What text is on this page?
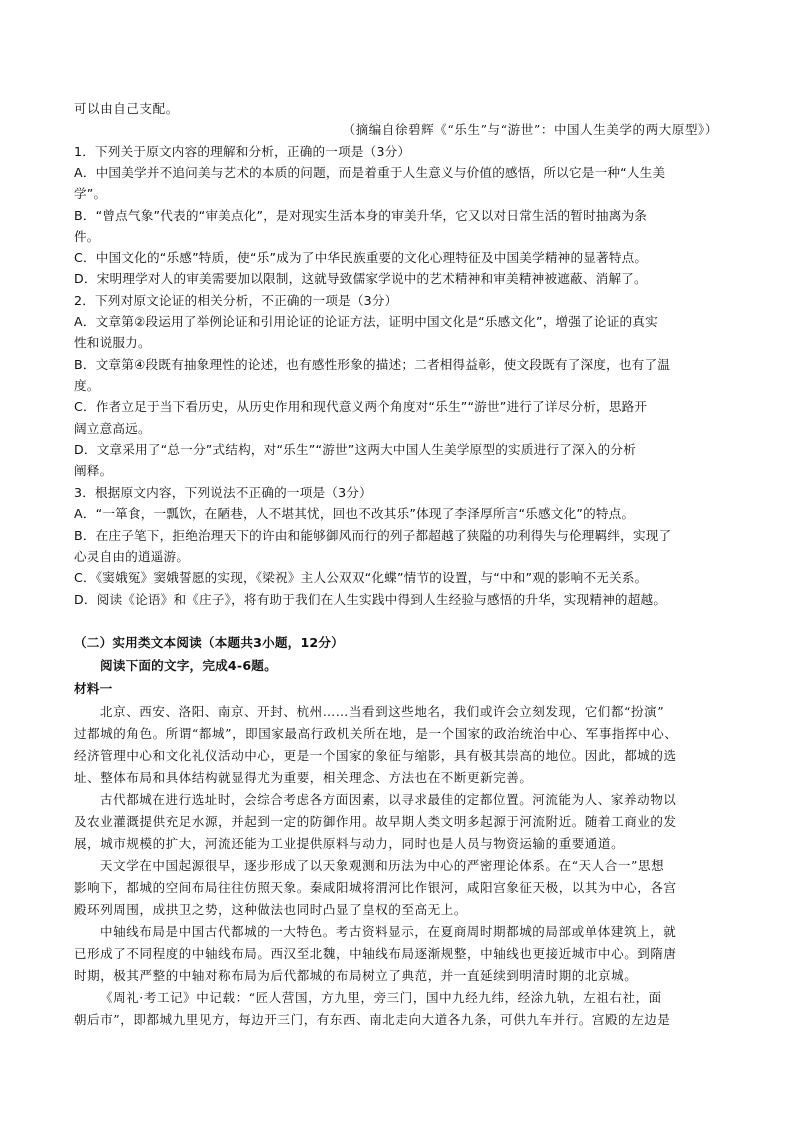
可以由自己支配。
（摘编自徐碧辉《“乐生”与“游世”：中国人生美学的两大原型》）
1．下列关于原文内容的理解和分析，正确的一项是（3分）
A．中国美学并不追问美与艺术的本质的问题，而是着重于人生意义与价值的感悟，所以它是一种“人生美
学”。
B．“曾点气象”代表的“审美点化”，是对现实生活本身的审美升华，它又以对日常生活的暂时抽离为条
件。
C．中国文化的“乐感”特质，使“乐”成为了中华民族重要的文化心理特征及中国美学精神的显著特点。
D．宋明理学对人的审美需要加以限制，这就导致儒家学说中的艺术精神和审美精神被遮蔽、消解了。
2．下列对原文论证的相关分析，不正确的一项是（3分）
A．文章第②段运用了举例论证和引用论证的论证方法，证明中国文化是“乐感文化”，增强了论证的真实
性和说服力。
B．文章第④段既有抽象理性的论述，也有感性形象的描述；二者相得益彰，使文段既有了深度，也有了温
度。
C．作者立足于当下看历史，从历史作用和现代意义两个角度对“乐生”“游世”进行了详尽分析，思路开
阔立意高远。
D．文章采用了“总一分”式结构，对“乐生”“游世”这两大中国人生美学原型的实质进行了深入的分析
阐释。
3．根据原文内容，下列说法不正确的一项是（3分）
A．“一箪食，一瓢饮，在陋巷，人不堪其忧，回也不改其乐”体现了李泽厚所言“乐感文化”的特点。
B．在庄子笔下，拒绝治理天下的许由和能够御风而行的列子都超越了狭隘的功利得失与伦理羁绊，实现了
心灵自由的逍遥游。
C．《窦娥冤》窦娥誓愿的实现，《梁祝》主人公双双“化蝶”情节的设置，与“中和”观的影响不无关系。
D．阅读《论语》和《庄子》，将有助于我们在人生实践中得到人生经验与感悟的升华，实现精神的超越。
（二）实用类文本阅读（本题共3小题，12分）
阅读下面的文字，完成4-6题。
材料一
北京、西安、洛阳、南京、开封、杭州……当看到这些地名，我们或许会立刻发现，它们都“扮演”
过都城的角色。所谓“都城”，即国家最高行政机关所在地，是一个国家的政治统治中心、军事指挥中心、
经济管理中心和文化礼仪活动中心，更是一个国家的象征与缩影，具有极其崇高的地位。因此，都城的选
址、整体布局和具体结构就显得尤为重要，相关理念、方法也在不断更新完善。
古代都城在进行选址时，会综合考虑各方面因素，以寻求最佳的定都位置。河流能为人、家养动物以
及农业灌溉提供充足水源，并起到一定的防御作用。故早期人类文明多起源于河流附近。随着工商业的发
展，城市规模的扩大，河流还能为工业提供原料与动力，同时也是人员与物资运输的重要通道。
天文学在中国起源很早，逐步形成了以天象观测和历法为中心的严密理论体系。在“天人合一”思想
影响下，都城的空间布局往往仿照天象。秦咸阳城将渭河比作银河，咸阳宫象征天极，以其为中心，各宫
殿环列周围，成拱卫之势，这种做法也同时凸显了皇权的至高无上。
中轴线布局是中国古代都城的一大特色。考古资料显示，在夏商周时期都城的局部或单体建筑上，就
已形成了不同程度的中轴线布局。西汉至北魏，中轴线布局逐渐规整，中轴线也更接近城市中心。到隋唐
时期，极其严整的中轴对称布局为后代都城的布局树立了典范，并一直延续到明清时期的北京城。
《周礼·考工记》中记载：“匠人营国，方九里，旁三门，国中九经九纬，经涂九轨，左祖右社，面
朝后市”，即都城九里见方，每边开三门，有东西、南北走向大道各九条，可供九车并行。宫殿的左边是
